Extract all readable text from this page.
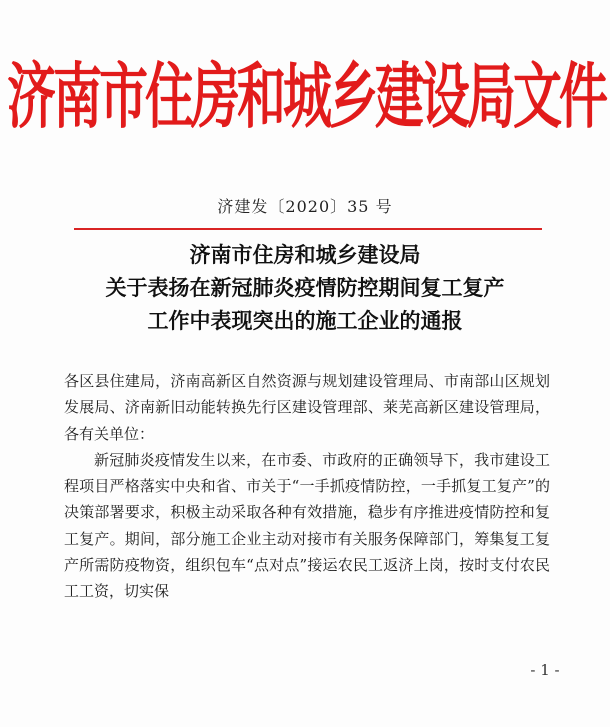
济南市住房和城乡建设局文件
济建发〔2020〕35 号
济南市住房和城乡建设局
关于表扬在新冠肺炎疫情防控期间复工复产
工作中表现突出的施工企业的通报

各区县住建局，济南高新区自然资源与规划建设管理局、市南部山区规划发展局、济南新旧动能转换先行区建设管理部、莱芜高新区建设管理局，各有关单位：

新冠肺炎疫情发生以来，在市委、市政府的正确领导下，我市建设工程项目严格落实中央和省、市关于“一手抓疫情防控，一手抓复工复产”的决策部署要求，积极主动采取各种有效措施，稳步有序推进疫情防控和复工复产。期间，部分施工企业主动对接市有关服务保障部门，筹集复工复产所需防疫物资，组织包车“点对点”接运农民工返济上岗，按时支付农民工工资，切实保

- 1 -
